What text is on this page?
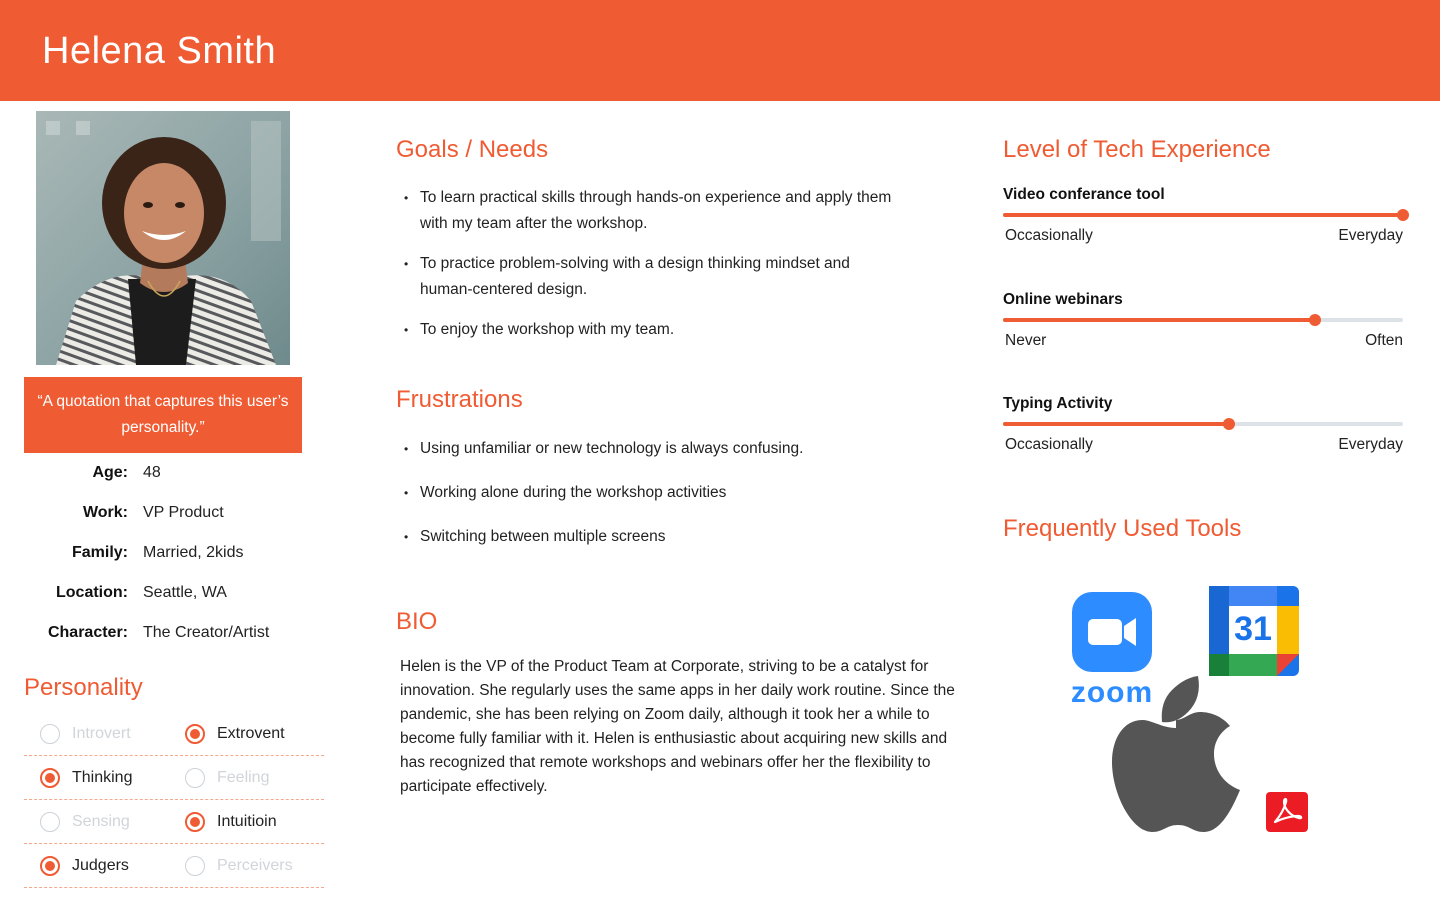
Helena Smith
“A quotation that captures this user’s personality.”
Age: 48
Work: VP Product
Family: Married, 2kids
Location: Seattle, WA
Character: The Creator/Artist
Personality
Introvert	Extrovent
Thinking	Feeling
Sensing	Intuitioin
Judgers	Perceivers
Goals / Needs
• To learn practical skills through hands-on experience and apply them with my team after the workshop.
• To practice problem-solving with a design thinking mindset and human-centered design.
• To enjoy the workshop with my team.
Frustrations
• Using unfamiliar or new technology is always confusing.
• Working alone during the workshop activities
• Switching between multiple screens
BIO
Helen is the VP of the Product Team at Corporate, striving to be a catalyst for innovation. She regularly uses the same apps in her daily work routine. Since the pandemic, she has been relying on Zoom daily, although it took her a while to become fully familiar with it. Helen is enthusiastic about acquiring new skills and has recognized that remote workshops and webinars offer her the flexibility to participate effectively.
Level of Tech Experience
Video conferance tool
Occasionally	Everyday
Online webinars
Never	Often
Typing Activity
Occasionally	Everyday
Frequently Used Tools
zoom
31
